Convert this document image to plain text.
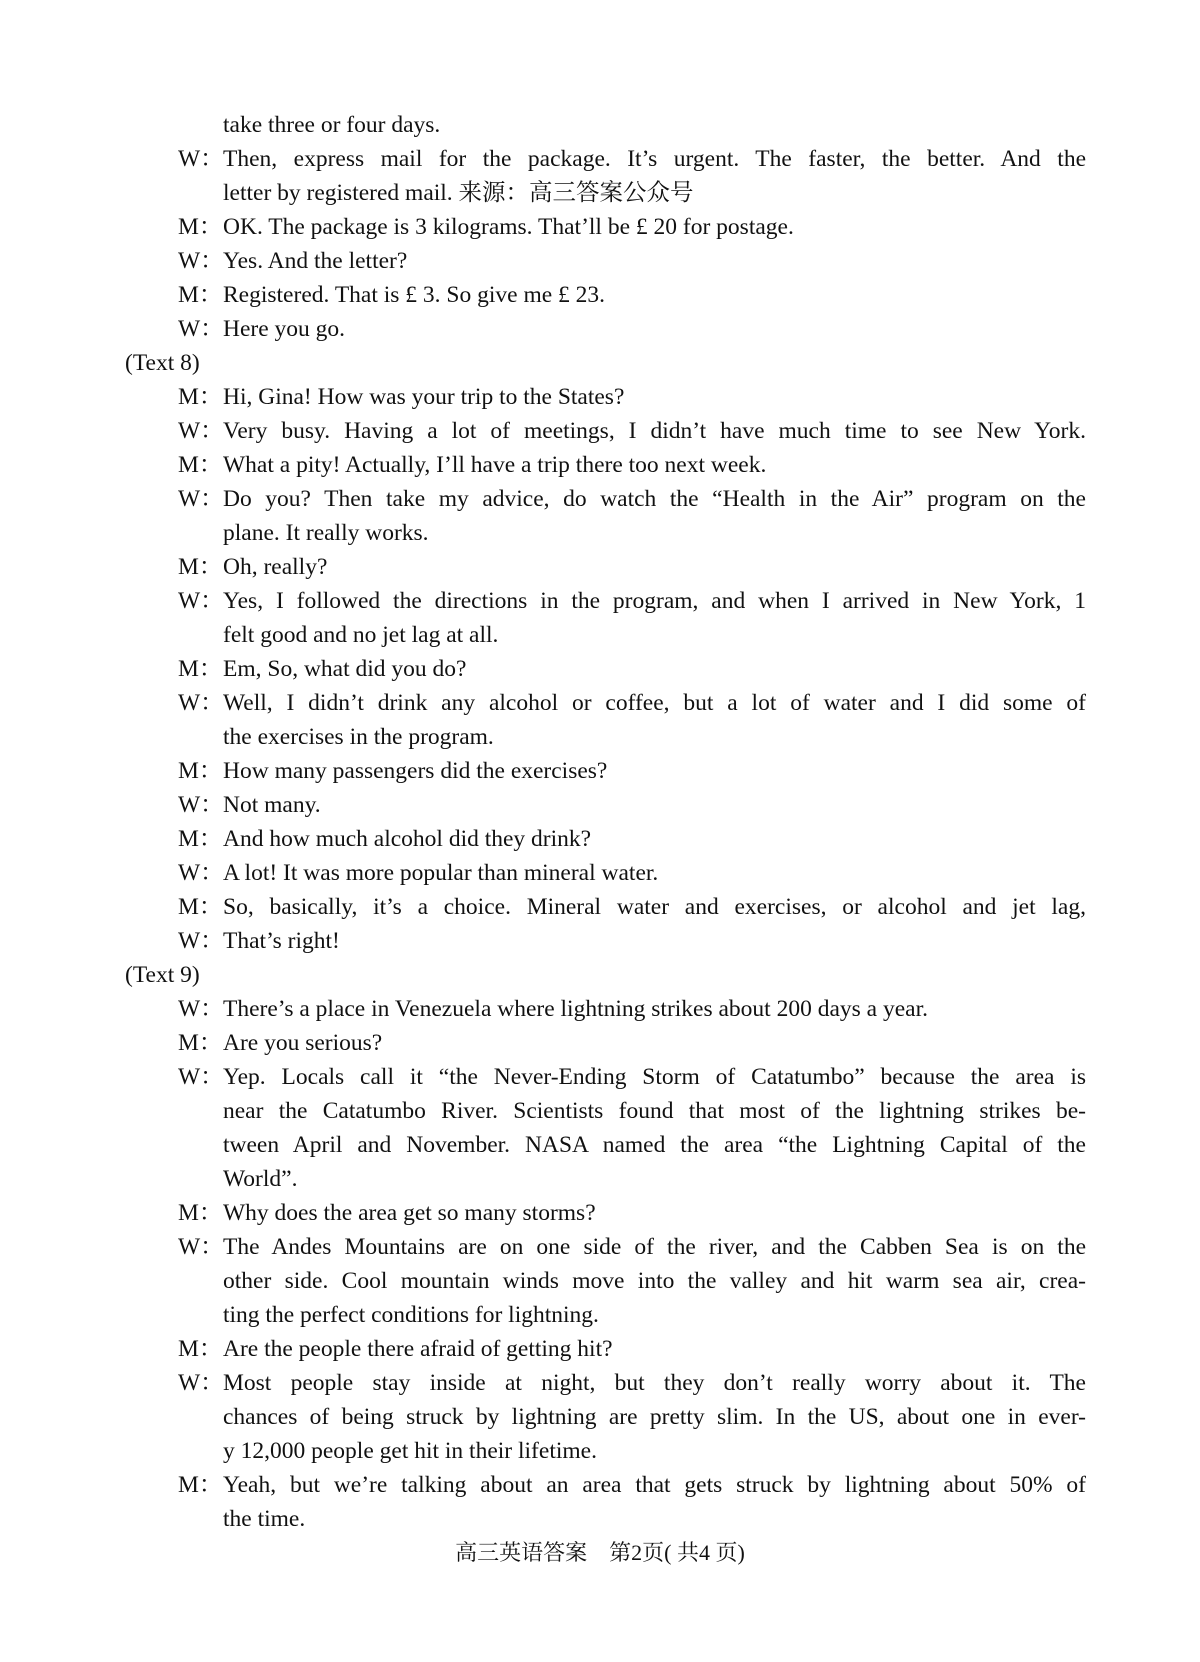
take three or four days.
W：Then, express mail for the package. It’s urgent. The faster, the better. And the
letter by registered mail. 来源：高三答案公众号
M：OK. The package is 3 kilograms. That’ll be £ 20 for postage.
W：Yes. And the letter?
M：Registered. That is £ 3. So give me £ 23.
W：Here you go.
(Text 8)
M：Hi, Gina! How was your trip to the States?
W：Very busy. Having a lot of meetings, I didn’t have much time to see New York.
M：What a pity! Actually, I’ll have a trip there too next week.
W：Do you? Then take my advice, do watch the “Health in the Air” program on the
plane. It really works.
M：Oh, really?
W：Yes, I followed the directions in the program, and when I arrived in New York, 1
felt good and no jet lag at all.
M：Em, So, what did you do?
W：Well, I didn’t drink any alcohol or coffee, but a lot of water and I did some of
the exercises in the program.
M：How many passengers did the exercises?
W：Not many.
M：And how much alcohol did they drink?
W：A lot! It was more popular than mineral water.
M：So, basically, it’s a choice. Mineral water and exercises, or alcohol and jet lag,
W：That’s right!
(Text 9)
W：There’s a place in Venezuela where lightning strikes about 200 days a year.
M：Are you serious?
W：Yep. Locals call it “the Never-Ending Storm of Catatumbo” because the area is
near the Catatumbo River. Scientists found that most of the lightning strikes be-
tween April and November. NASA named the area “the Lightning Capital of the
World”.
M：Why does the area get so many storms?
W：The Andes Mountains are on one side of the river, and the Cabben Sea is on the
other side. Cool mountain winds move into the valley and hit warm sea air, crea-
ting the perfect conditions for lightning.
M：Are the people there afraid of getting hit?
W：Most people stay inside at night, but they don’t really worry about it. The
chances of being struck by lightning are pretty slim. In the US, about one in ever-
y 12,000 people get hit in their lifetime.
M：Yeah, but we’re talking about an area that gets struck by lightning about 50% of
the time.
高三英语答案　第2页( 共4 页)
